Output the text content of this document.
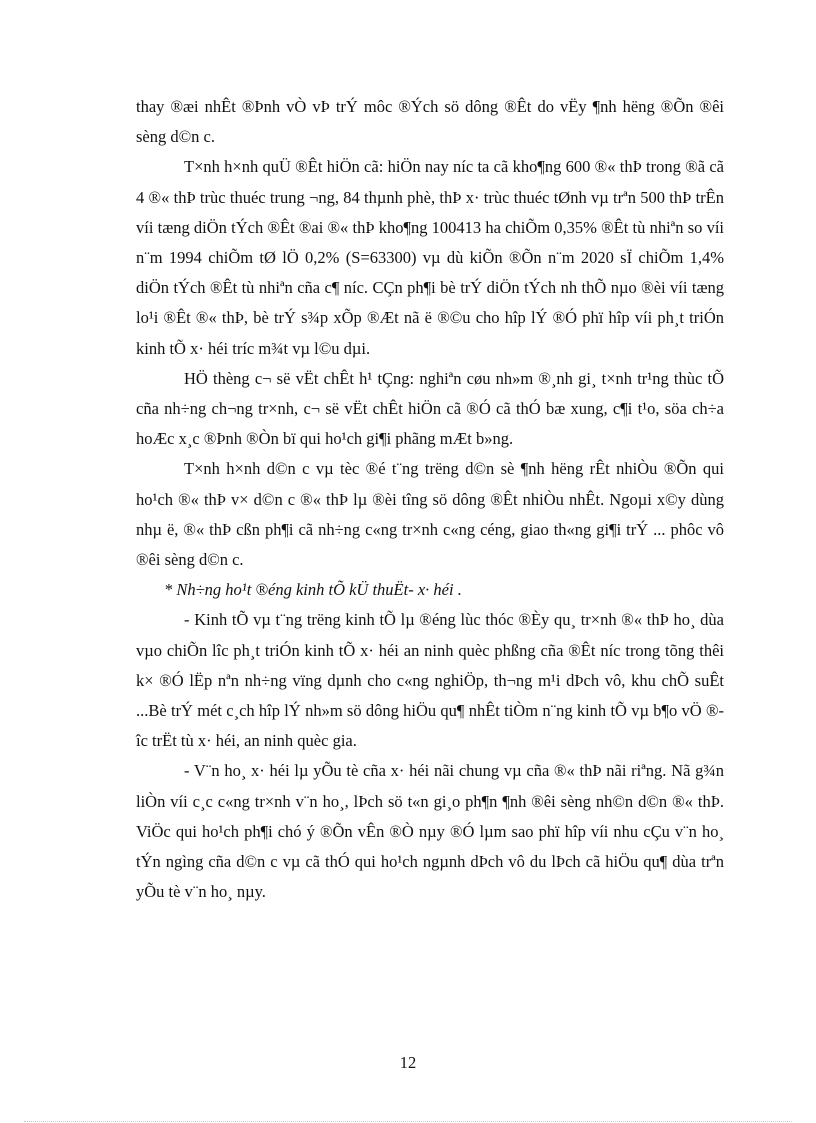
thay ®æi nhÊt ®Þnh vÒ vÞ trÝ môc ®Ých sö dông ®Êt do vËy ¶nh hëng ®Õn ®êi sèng d©n c.

T×nh h×nh quÜ ®Êt hiÖn cã: hiÖn nay níc ta cã kho¶ng 600 ®« thÞ trong ®ã cã 4 ®« thÞ trùc thuéc trung ¬ng, 84 thµnh phè, thÞ x· trùc thuéc tØnh vµ trªn 500 thÞ trÊn víi tæng diÖn tÝch ®Êt ®ai ®« thÞ kho¶ng 100413 ha chiÕm 0,35% ®Êt tù nhiªn so víi n¨m 1994 chiÕm tØ lÖ 0,2% (S=63300) vµ dù kiÕn ®Õn n¨m 2020 sÏ chiÕm 1,4% diÖn tÝch ®Êt tù nhiªn cña c¶ níc. CÇn ph¶i bè trÝ diÖn tÝch nh thÕ nµo ®èi víi tæng lo¹i ®Êt ®« thÞ, bè trÝ s¾p xÕp ®Æt nã ë ®©u cho hîp lÝ ®Ó phï hîp víi ph¸t triÓn kinh tÕ x· héi tríc m¾t vµ l©u dµi.

HÖ thèng c¬ së vËt chÊt h¹ tÇng: nghiªn cøu nh»m ®¸nh gi¸ t×nh tr¹ng thùc tÕ cña nh÷ng ch¬ng tr×nh, c¬ së vËt chÊt hiÖn cã ®Ó cã thÓ bæ xung, c¶i t¹o, söa ch÷a hoÆc x¸c ®Þnh ®Òn bï qui ho¹ch gi¶i phãng mÆt b»ng.

T×nh h×nh d©n c vµ tèc ®é t¨ng trëng d©n sè ¶nh hëng rÊt nhiÒu ®Õn qui ho¹ch ®« thÞ v× d©n c ®« thÞ lµ ®èi tîng sö dông ®Êt nhiÒu nhÊt. Ngoµi x©y dùng nhµ ë, ®« thÞ cßn ph¶i cã nh÷ng c«ng tr×nh c«ng céng, giao th«ng gi¶i trÝ ... phôc vô ®êi sèng d©n c.

* Nh÷ng ho¹t ®éng kinh tÕ kÜ thuËt- x· héi .

- Kinh tÕ vµ t¨ng trëng kinh tÕ lµ ®éng lùc thóc ®Èy qu¸ tr×nh ®« thÞ ho¸ dùa vµo chiÕn lîc ph¸t triÓn kinh tÕ x· héi an ninh quèc phßng cña ®Êt níc trong tõng thêi k× ®Ó lËp nªn nh÷ng vïng dµnh cho c«ng nghiÖp, th¬ng m¹i dÞch vô, khu chÕ suÊt ...Bè trÝ mét c¸ch hîp lÝ nh»m sö dông hiÖu qu¶ nhÊt tiÒm n¨ng kinh tÕ vµ b¶o vÖ ®îc trËt tù x· héi, an ninh quèc gia.

- V¨n ho¸ x· héi lµ yÕu tè cña x· héi nãi chung vµ cña ®« thÞ nãi riªng. Nã g¾n liÒn víi c¸c c«ng tr×nh v¨n ho¸, lÞch sö t«n gi¸o ph¶n ¶nh ®êi sèng nh©n d©n ®« thÞ. ViÖc qui ho¹ch ph¶i chó ý ®Õn vÊn ®Ò nµy ®Ó lµm sao phï hîp víi nhu cÇu v¨n ho¸ tÝn ngìng cña d©n c vµ cã thÓ qui ho¹ch ngµnh dÞch vô du lÞch cã hiÖu qu¶ dùa trªn yÕu tè v¨n ho¸ nµy.

12
